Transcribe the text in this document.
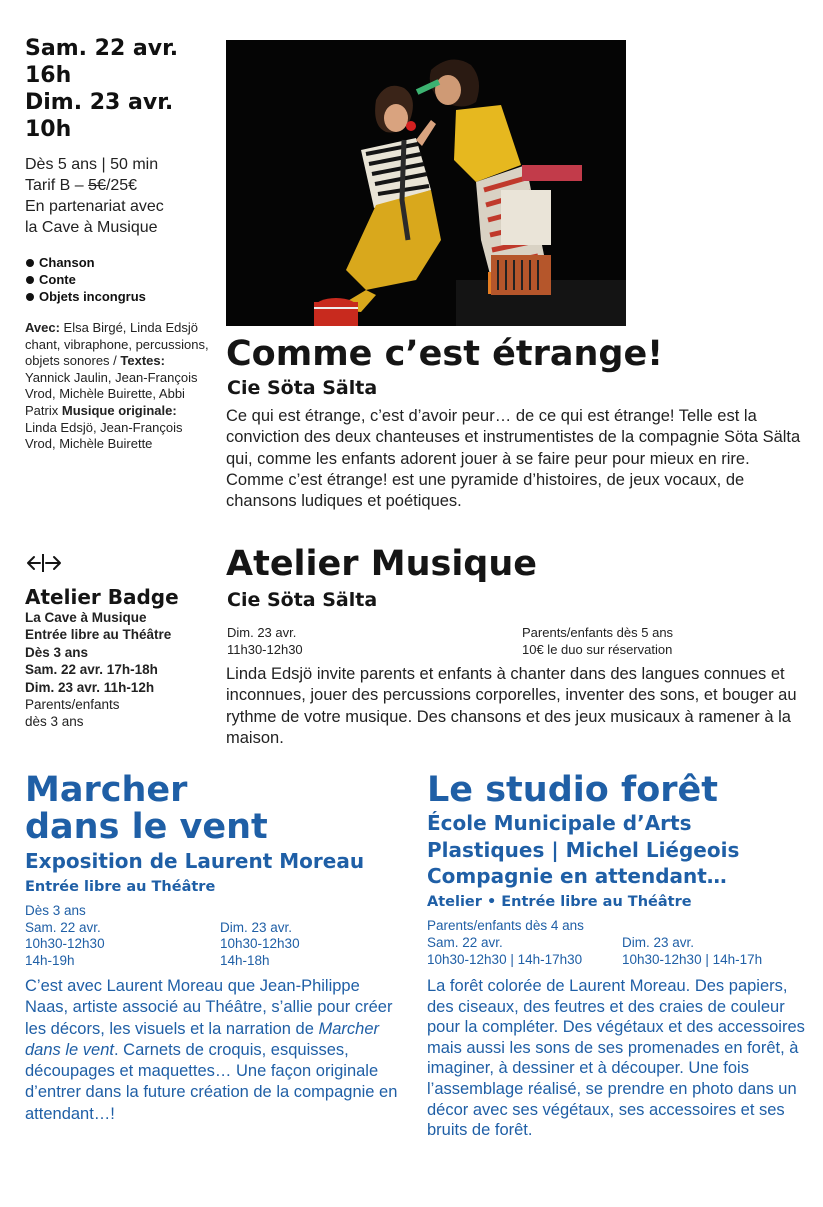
Sam. 22 avr.
16h
Dim. 23 avr.
10h
Dès 5 ans | 50 min
Tarif B – 5€/25€
En partenariat avec
la Cave à Musique
Chanson
Conte
Objets incongrus
Avec: Elsa Birgé, Linda Edsjö chant, vibraphone, percussions, objets sonores / Textes: Yannick Jaulin, Jean-François Vrod, Michèle Buirette, Abbi Patrix Musique originale: Linda Edsjö, Jean-François Vrod, Michèle Buirette
Comme c’est étrange!
Cie Söta Sälta

Ce qui est étrange, c’est d’avoir peur… de ce qui est étrange! Telle est la conviction des deux chanteuses et instrumentistes de la compagnie Söta Sälta qui, comme les enfants adorent jouer à se faire peur pour mieux en rire. Comme c’est étrange! est une pyramide d’histoires, de jeux vocaux, de chansons ludiques et poétiques.

Atelier Badge
La Cave à Musique
Entrée libre au Théâtre
Dès 3 ans
Sam. 22 avr. 17h-18h
Dim. 23 avr. 11h-12h
Parents/enfants
dès 3 ans
Atelier Musique
Cie Söta Sälta
Dim. 23 avr.
11h30-12h30
Parents/enfants dès 5 ans
10€ le duo sur réservation

Linda Edsjö invite parents et enfants à chanter dans des langues connues et inconnues, jouer des percussions corporelles, inventer des sons, et bouger au rythme de votre musique. Des chansons et des jeux musicaux à ramener à la maison.

Marcher
dans le vent
Exposition de Laurent Moreau
Entrée libre au Théâtre
Dès 3 ans
Sam. 22 avr.
10h30-12h30
14h-19h
Dim. 23 avr.
10h30-12h30
14h-18h

C’est avec Laurent Moreau que Jean-Philippe Naas, artiste associé au Théâtre, s’allie pour créer les décors, les visuels et la narration de Marcher dans le vent. Carnets de croquis, esquisses, découpages et maquettes… Une façon originale d’entrer dans la future création de la compagnie en attendant…!

Le studio forêt
École Municipale d’Arts
Plastiques | Michel Liégeois
Compagnie en attendant…
Atelier • Entrée libre au Théâtre
Parents/enfants dès 4 ans
Sam. 22 avr.
10h30-12h30 | 14h-17h30
Dim. 23 avr.
10h30-12h30 | 14h-17h

La forêt colorée de Laurent Moreau. Des papiers, des ciseaux, des feutres et des craies de couleur pour la compléter. Des végétaux et des accessoires mais aussi les sons de ses promenades en forêt, à imaginer, à dessiner et à découper. Une fois l’assemblage réalisé, se prendre en photo dans un décor avec ses végétaux, ses accessoires et ses bruits de forêt.
